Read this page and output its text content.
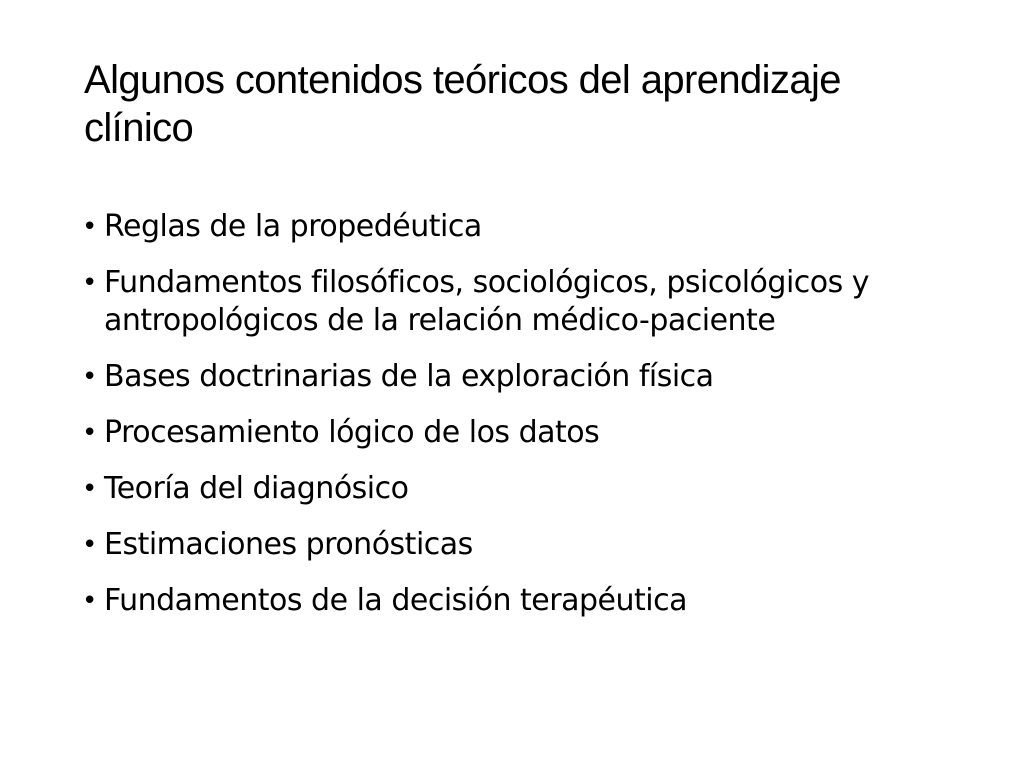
Algunos contenidos teóricos del aprendizaje clínico
• Reglas de la propedéutica
• Fundamentos filosóficos, sociológicos, psicológicos y antropológicos de la relación médico-paciente
• Bases doctrinarias de la exploración física
• Procesamiento lógico de los datos
• Teoría del diagnósico
• Estimaciones pronósticas
• Fundamentos de la decisión terapéutica
